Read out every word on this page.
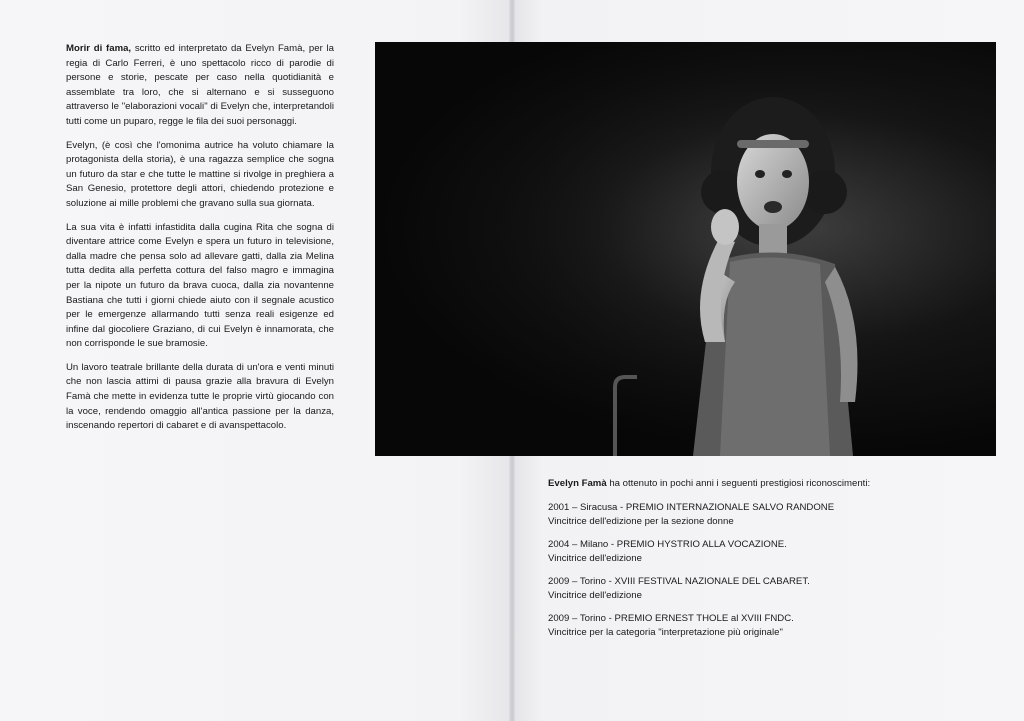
Morir di fama, scritto ed interpretato da Evelyn Famà, per la regia di Carlo Ferreri, è uno spettacolo ricco di parodie di persone e storie, pescate per caso nella quotidianità e assemblate tra loro, che si alternano e si susseguono attraverso le "elaborazioni vocali" di Evelyn che, interpretandoli tutti come un puparo, regge le fila dei suoi personaggi.

Evelyn, (è così che l'omonima autrice ha voluto chiamare la protagonista della storia), è una ragazza semplice che sogna un futuro da star e che tutte le mattine si rivolge in preghiera a San Genesio, protettore degli attori, chiedendo protezione e soluzione ai mille problemi che gravano sulla sua giornata.

La sua vita è infatti infastidita dalla cugina Rita che sogna di diventare attrice come Evelyn e spera un futuro in televisione, dalla madre che pensa solo ad allevare gatti, dalla zia Melina tutta dedita alla perfetta cottura del falso magro e immagina per la nipote un futuro da brava cuoca, dalla zia novantenne Bastiana che tutti i giorni chiede aiuto con il segnale acustico per le emergenze allarmando tutti senza reali esigenze ed infine dal giocoliere Graziano, di cui Evelyn è innamorata, che non corrisponde le sue bramosie.

Un lavoro teatrale brillante della durata di un'ora e venti minuti che non lascia attimi di pausa grazie alla bravura di Evelyn Famà che mette in evidenza tutte le proprie virtù giocando con la voce, rendendo omaggio all'antica passione per la danza, inscenando repertori di cabaret e di avanspettacolo.

Evelyn Famà ha ottenuto in pochi anni i seguenti prestigiosi riconoscimenti:

2001 – Siracusa - PREMIO INTERNAZIONALE SALVO RANDONE
Vincitrice dell'edizione per la sezione donne
2004 – Milano - PREMIO HYSTRIO ALLA VOCAZIONE.
Vincitrice dell'edizione
2009 – Torino - XVIII FESTIVAL NAZIONALE DEL CABARET.
Vincitrice dell'edizione
2009 – Torino - PREMIO ERNEST THOLE al XVIII FNDC.
Vincitrice per la categoria "interpretazione più originale"
